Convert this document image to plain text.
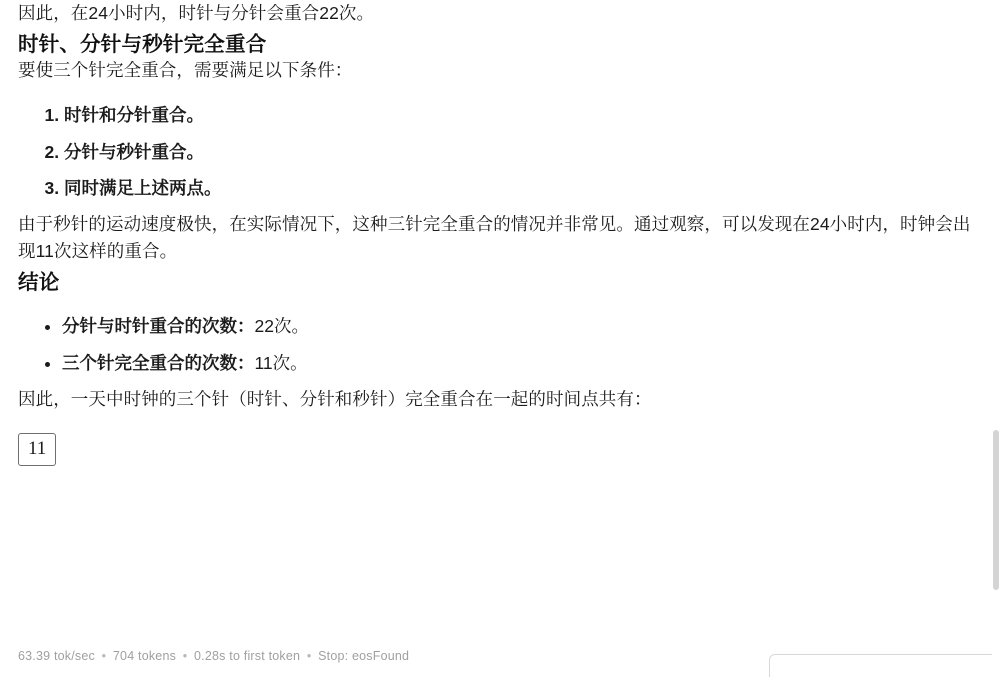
因此，在24小时内，时针与分针会重合22次。

时针、分针与秒针完全重合

要使三个针完全重合，需要满足以下条件：

1. 时针和分针重合。
2. 分针与秒针重合。
3. 同时满足上述两点。

由于秒针的运动速度极快，在实际情况下，这种三针完全重合的情况并非常见。通过观察，可以发现在24小时内，时钟会出现11次这样的重合。

结论
• 分针与时针重合的次数：22次。
• 三个针完全重合的次数：11次。

因此，一天中时钟的三个针（时针、分针和秒针）完全重合在一起的时间点共有：

11
63.39 tok/sec • 704 tokens • 0.28s to first token • Stop: eosFound
